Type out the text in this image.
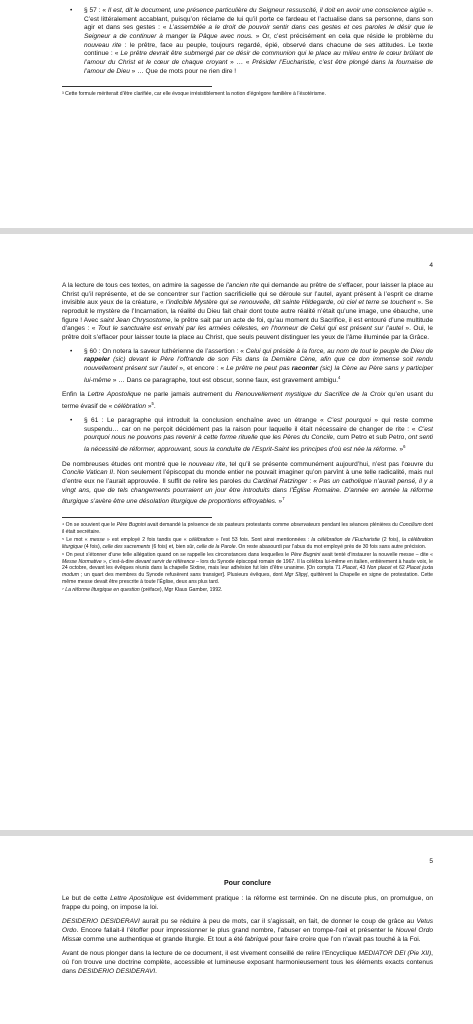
• § 57 : « Il est, dit le document, une présence particulière du Seigneur ressuscité, il doit en avoir une conscience aigüe ». C’est littéralement accablant, puisqu’on réclame de lui qu’il porte ce fardeau et l’actualise dans sa personne, dans son agir et dans ses gestes : « L’assemblée a le droit de pouvoir sentir dans ces gestes et ces paroles le désir que le Seigneur a de continuer à manger la Pâque avec nous. » Or, c’est précisément en cela que réside le problème du nouveau rite : le prêtre, face au peuple, toujours regardé, épié, observé dans chacune de ses attitudes. Le texte continue : « Le prêtre devrait être submergé par ce désir de communion qui le place au milieu entre le cœur brûlant de l’amour du Christ et le cœur de chaque croyant » … « Présider l’Eucharistie, c’est être plongé dans la fournaise de l’amour de Dieu » … Que de mots pour ne rien dire !

³ Cette formule mériterait d’être clarifiée, car elle évoque irrésistiblement la notion d’égrégore familière à l’ésotérisme.

4

A la lecture de tous ces textes, on admire la sagesse de l’ancien rite qui demande au prêtre de s’effacer, pour laisser la place au Christ qu’il représente, et de se concentrer sur l’action sacrificielle qui se déroule sur l’autel, ayant présent à l’esprit ce drame invisible aux yeux de la créature, « l’indicible Mystère qui se renouvelle, dit sainte Hildegarde, où ciel et terre se touchent ». Se reproduit le mystère de l’Incarnation, la réalité du Dieu fait chair dont toute autre réalité n’était qu’une image, une ébauche, une figure ! Avec saint Jean Chrysostome, le prêtre sait par un acte de foi, qu’au moment du Sacrifice, il est entouré d’une multitude d’anges : « Tout le sanctuaire est envahi par les armées célestes, en l’honneur de Celui qui est présent sur l’autel ». Oui, le prêtre doit s’effacer pour laisser toute la place au Christ, que seuls peuvent distinguer les yeux de l’âme illuminée par la Grâce.

• § 60 : On notera la saveur luthérienne de l’assertion : « Celui qui préside à la force, au nom de tout le peuple de Dieu de rappeler (sic) devant le Père l’offrande de son Fils dans la Dernière Cène, afin que ce don immense soit rendu nouvellement présent sur l’autel », et encore : « Le prêtre ne peut pas raconter (sic) la Cène au Père sans y participer lui-même » … Dans ce paragraphe, tout est obscur, sonne faux, est gravement ambigu.$^4$

Enfin la Lettre Apostolique ne parle jamais autrement du Renouvellement mystique du Sacrifice de la Croix qu’en usant du terme évasif de « célébration »$^5$.

• § 61 : Le paragraphe qui introduit la conclusion enchaîne avec un étrange « C’est pourquoi » qui reste comme suspendu… car on ne perçoit décidément pas la raison pour laquelle il était nécessaire de changer de rite : « C’est pourquoi nous ne pouvons pas revenir à cette forme rituelle que les Pères du Concile, cum Petro et sub Petro, ont senti la nécessité de réformer, approuvant, sous la conduite de l’Esprit-Saint les principes d’où est née la réforme. »$^6$

De nombreuses études ont montré que le nouveau rite, tel qu’il se présente communément aujourd’hui, n’est pas l’œuvre du Concile Vatican II. Non seulement l’épiscopat du monde entier ne pouvait imaginer qu’on parvînt à une telle radicalité, mais nul d’entre eux ne l’aurait approuvée. Il suffit de relire les paroles du Cardinal Ratzinger : « Pas un catholique n’aurait pensé, il y a vingt ans, que de tels changements pourraient un jour être introduits dans l’Église Romaine. D’année en année la réforme liturgique s’avère être une désolation liturgique de proportions effroyables. »$^7$

⁴ On se souvient que le Père Bugnini avait demandé la présence de six pasteurs protestants comme observateurs pendant les séances plénières du Concilium dont il était secrétaire.

⁵ Le mot « messe » est employé 2 fois tandis que « célébration » l’est 53 fois. Sont ainsi mentionnées : la célébration de l’Eucharistie (2 fois), la célébration liturgique (4 fois), celle des sacrements (6 fois) et, bien sûr, celle de la Parole. On reste abasourdi par l’abus du mot employé près de 30 fois sans autre précision.

⁶ On peut s’étonner d’une telle allégation quand on se rappelle les circonstances dans lesquelles le Père Bugnini avait tenté d’instaurer la nouvelle messe – dite « Messe Normative », c’est-à-dire devant servir de référence – lors du Synode épiscopal romain de 1967. Il la célébra lui-même en italien, entièrement à haute voix, le 24 octobre, devant les évêques réunis dans la chapelle Sixtine, mais leur adhésion fut loin d’être unanime. [On compta 71 Placet, 43 Non placet et 62 Placet juxta modum ; un quart des membres du Synode refusèrent sans transiger]. Plusieurs évêques, dont Mgr Slipyj, quittèrent la Chapelle en signe de protestation. Cette même messe devait être prescrite à toute l’Église, deux ans plus tard.

⁷ La réforme liturgique en question (préface), Mgr Klaus Gamber, 1992.

5
Pour conclure

Le but de cette Lettre Apostolique est évidemment pratique : la réforme est terminée. On ne discute plus, on promulgue, on frappe du poing, on impose la loi.

DESIDERIO DESIDERAVI aurait pu se réduire à peu de mots, car il s’agissait, en fait, de donner le coup de grâce au Vetus Ordo. Encore fallait-il l’étoffer pour impressionner le plus grand nombre, l’abuser en trompe-l’œil et présenter le Nouvel Ordo Missæ comme une authentique et grande liturgie. Et tout a été fabriqué pour faire croire que l’on n’avait pas touché à la Foi.

Avant de nous plonger dans la lecture de ce document, il est vivement conseillé de relire l’Encyclique MEDIATOR DEI (Pie XII), où l’on trouve une doctrine complète, accessible et lumineuse exposant harmonieusement tous les éléments exacts contenus dans DESIDERIO DESIDERAVI.
